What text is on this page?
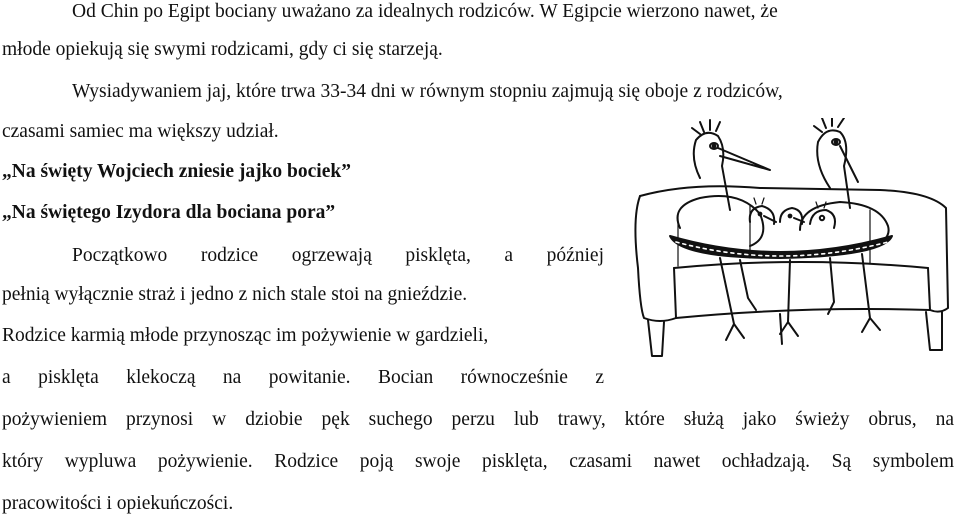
Od Chin po Egipt bociany uważano za idealnych rodziców. W Egipcie wierzono nawet, że
młode opiekują się swymi rodzicami, gdy ci się starzeją.
Wysiadywaniem jaj, które trwa 33-34 dni w równym stopniu zajmują się oboje z rodziców,
czasami samiec ma większy udział.
„Na święty Wojciech zniesie jajko bociek”
„Na świętego Izydora dla bociana pora”
Początkowo rodzice ogrzewają pisklęta, a później
pełnią wyłącznie straż i jedno z nich stale stoi na gnieździe.
Rodzice karmią młode przynosząc im pożywienie w gardzieli,
a pisklęta klekoczą na powitanie. Bocian równocześnie z
pożywieniem przynosi w dziobie pęk suchego perzu lub trawy, które służą jako świeży obrus, na
który wypluwa pożywienie. Rodzice poją swoje pisklęta, czasami nawet ochładzają. Są symbolem
pracowitości i opiekuńczości.
